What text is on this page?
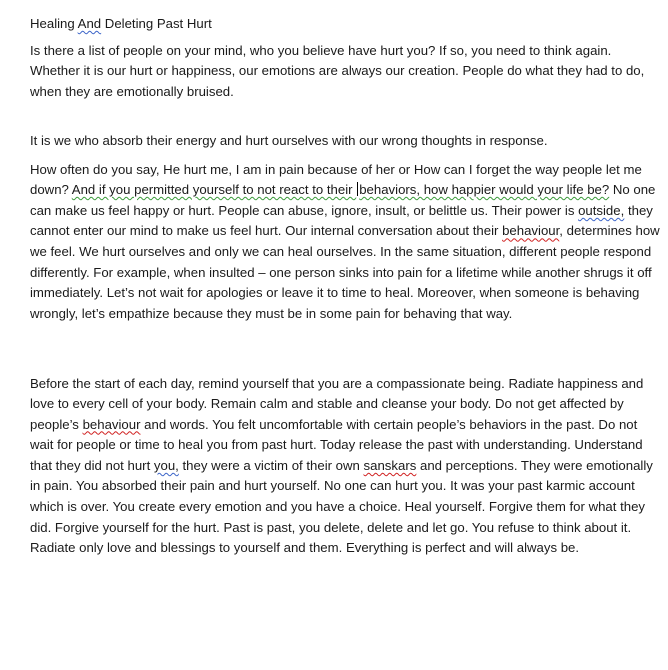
Healing And Deleting Past Hurt

Is there a list of people on your mind, who you believe have hurt you? If so, you need to think again. Whether it is our hurt or happiness, our emotions are always our creation. People do what they had to do, when they are emotionally bruised.

It is we who absorb their energy and hurt ourselves with our wrong thoughts in response.

How often do you say, He hurt me, I am in pain because of her or How can I forget the way people let me down? And if you permitted yourself to not react to their behaviors, how happier would your life be? No one can make us feel happy or hurt. People can abuse, ignore, insult, or belittle us. Their power is outside, they cannot enter our mind to make us feel hurt. Our internal conversation about their behaviour, determines how we feel. We hurt ourselves and only we can heal ourselves. In the same situation, different people respond differently. For example, when insulted – one person sinks into pain for a lifetime while another shrugs it off immediately. Let’s not wait for apologies or leave it to time to heal. Moreover, when someone is behaving wrongly, let’s empathize because they must be in some pain for behaving that way.

Before the start of each day, remind yourself that you are a compassionate being. Radiate happiness and love to every cell of your body. Remain calm and stable and cleanse your body. Do not get affected by people’s behaviour and words. You felt uncomfortable with certain people’s behaviors in the past. Do not wait for people or time to heal you from past hurt. Today release the past with understanding. Understand that they did not hurt you, they were a victim of their own sanskars and perceptions. They were emotionally in pain. You absorbed their pain and hurt yourself. No one can hurt you. It was your past karmic account which is over. You create every emotion and you have a choice. Heal yourself. Forgive them for what they did. Forgive yourself for the hurt. Past is past, you delete, delete and let go. You refuse to think about it. Radiate only love and blessings to yourself and them. Everything is perfect and will always be.
